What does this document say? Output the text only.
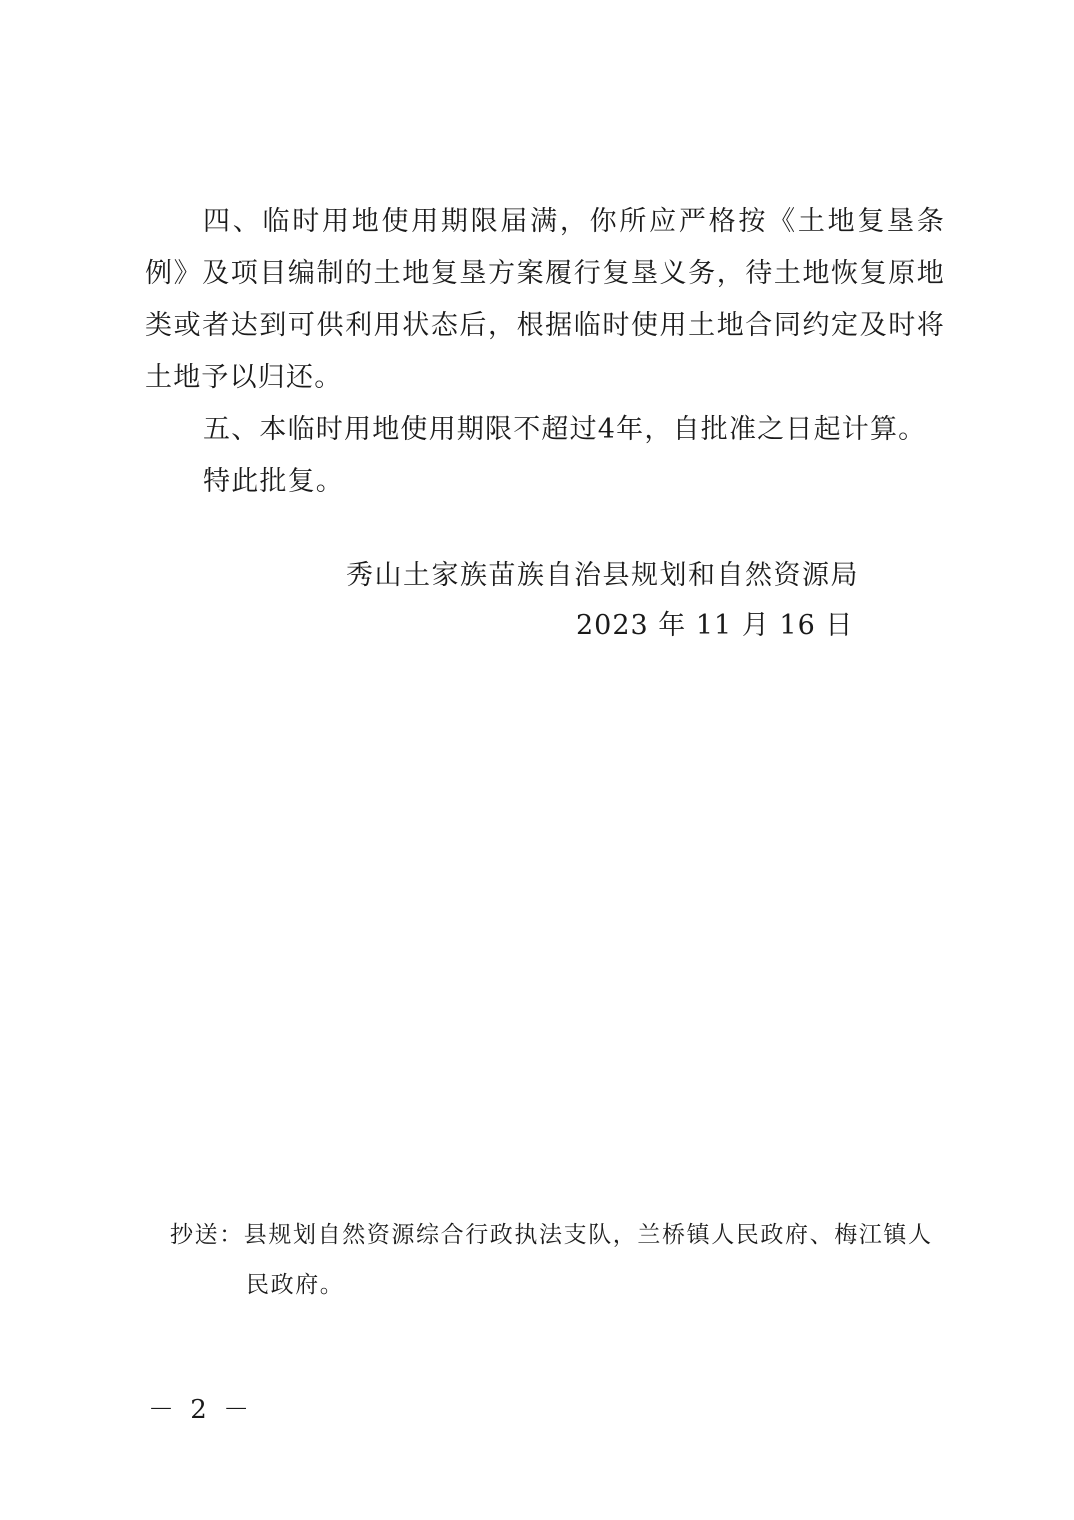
四、临时用地使用期限届满，你所应严格按《土地复垦条例》及项目编制的土地复垦方案履行复垦义务，待土地恢复原地类或者达到可供利用状态后，根据临时使用土地合同约定及时将土地予以归还。

五、本临时用地使用期限不超过4年，自批准之日起计算。

特此批复。

秀山土家族苗族自治县规划和自然资源局
2023 年 11 月 16 日
抄送：县规划自然资源综合行政执法支队，兰桥镇人民政府、梅江镇人
民政府。
－ 2 －
